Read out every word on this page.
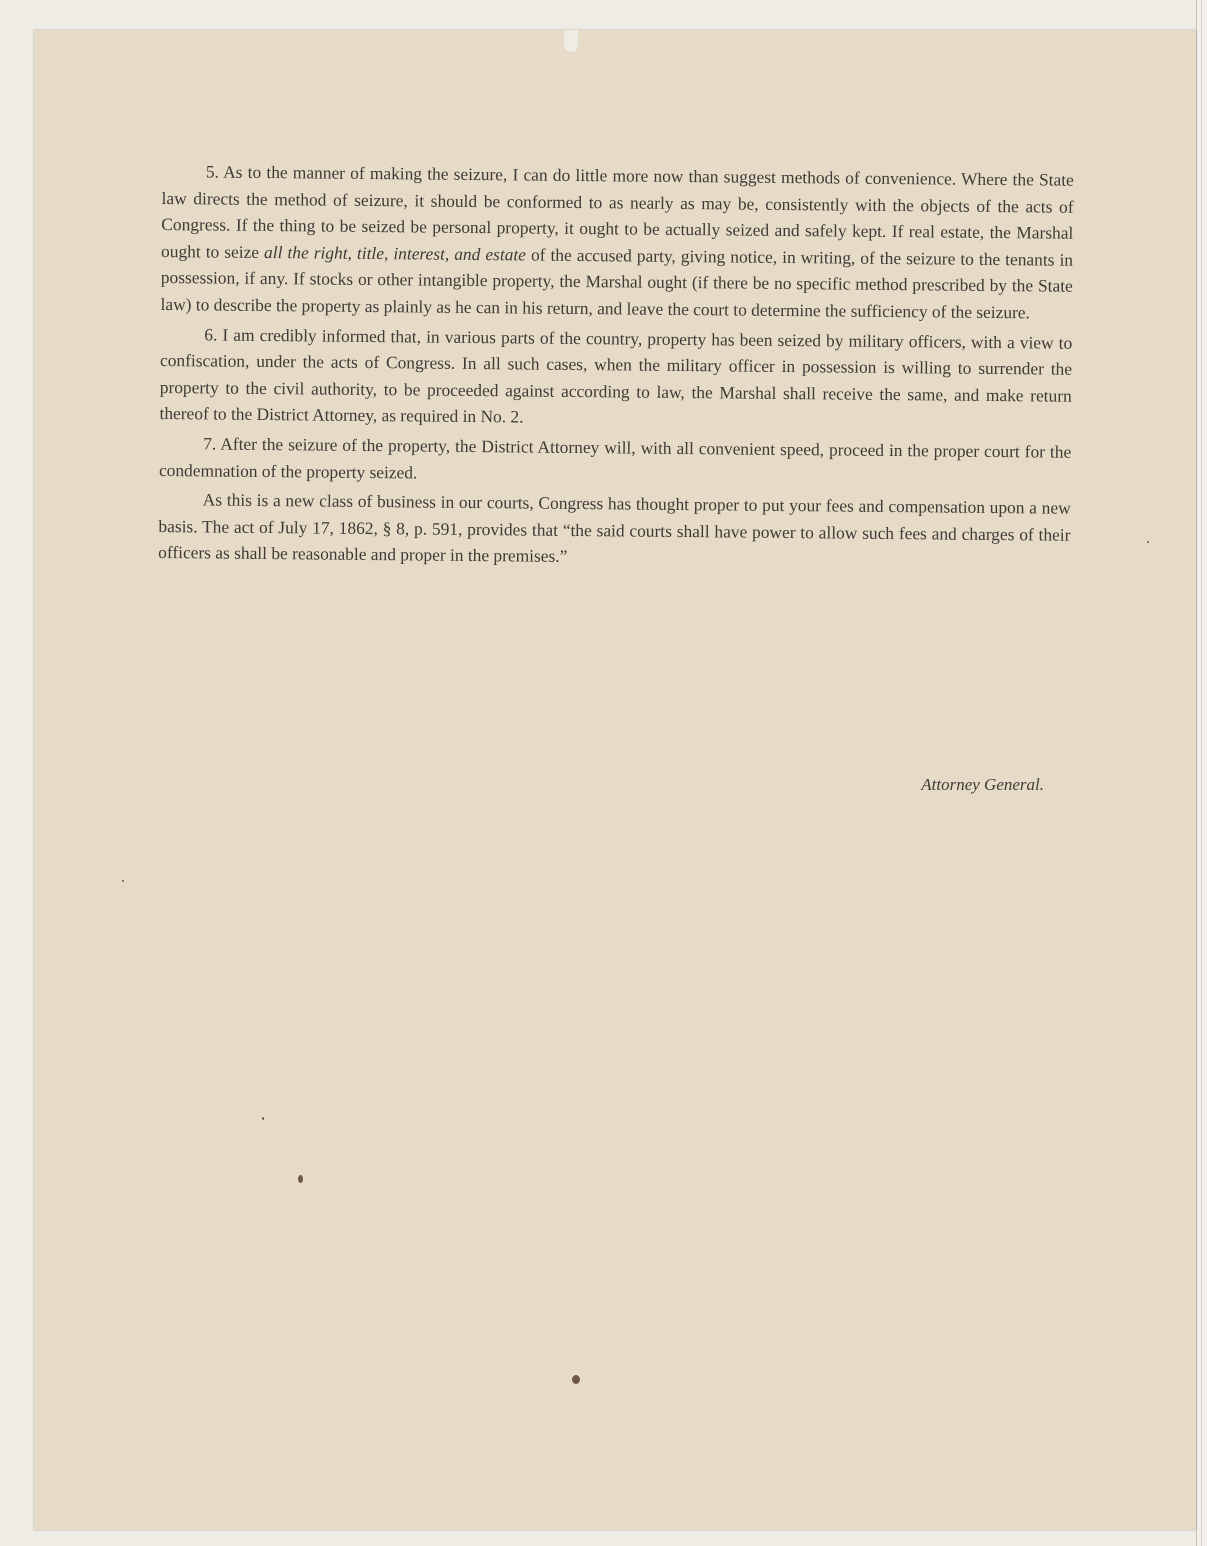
5. As to the manner of making the seizure, I can do little more now than suggest methods of convenience. Where the State law directs the method of seizure, it should be conformed to as nearly as may be, consistently with the objects of the acts of Congress. If the thing to be seized be personal property, it ought to be actually seized and safely kept. If real estate, the Marshal ought to seize all the right, title, interest, and estate of the accused party, giving notice, in writing, of the seizure to the tenants in possession, if any. If stocks or other intangible property, the Marshal ought (if there be no specific method prescribed by the State law) to describe the property as plainly as he can in his return, and leave the court to determine the sufficiency of the seizure.

6. I am credibly informed that, in various parts of the country, property has been seized by military officers, with a view to confiscation, under the acts of Congress. In all such cases, when the military officer in possession is willing to surrender the property to the civil authority, to be proceeded against according to law, the Marshal shall receive the same, and make return thereof to the District Attorney, as required in No. 2.

7. After the seizure of the property, the District Attorney will, with all convenient speed, proceed in the proper court for the condemnation of the property seized.

As this is a new class of business in our courts, Congress has thought proper to put your fees and compensation upon a new basis. The act of July 17, 1862, § 8, p. 591, provides that “the said courts shall have power to allow such fees and charges of their officers as shall be reasonable and proper in the premises.”

Attorney General.
